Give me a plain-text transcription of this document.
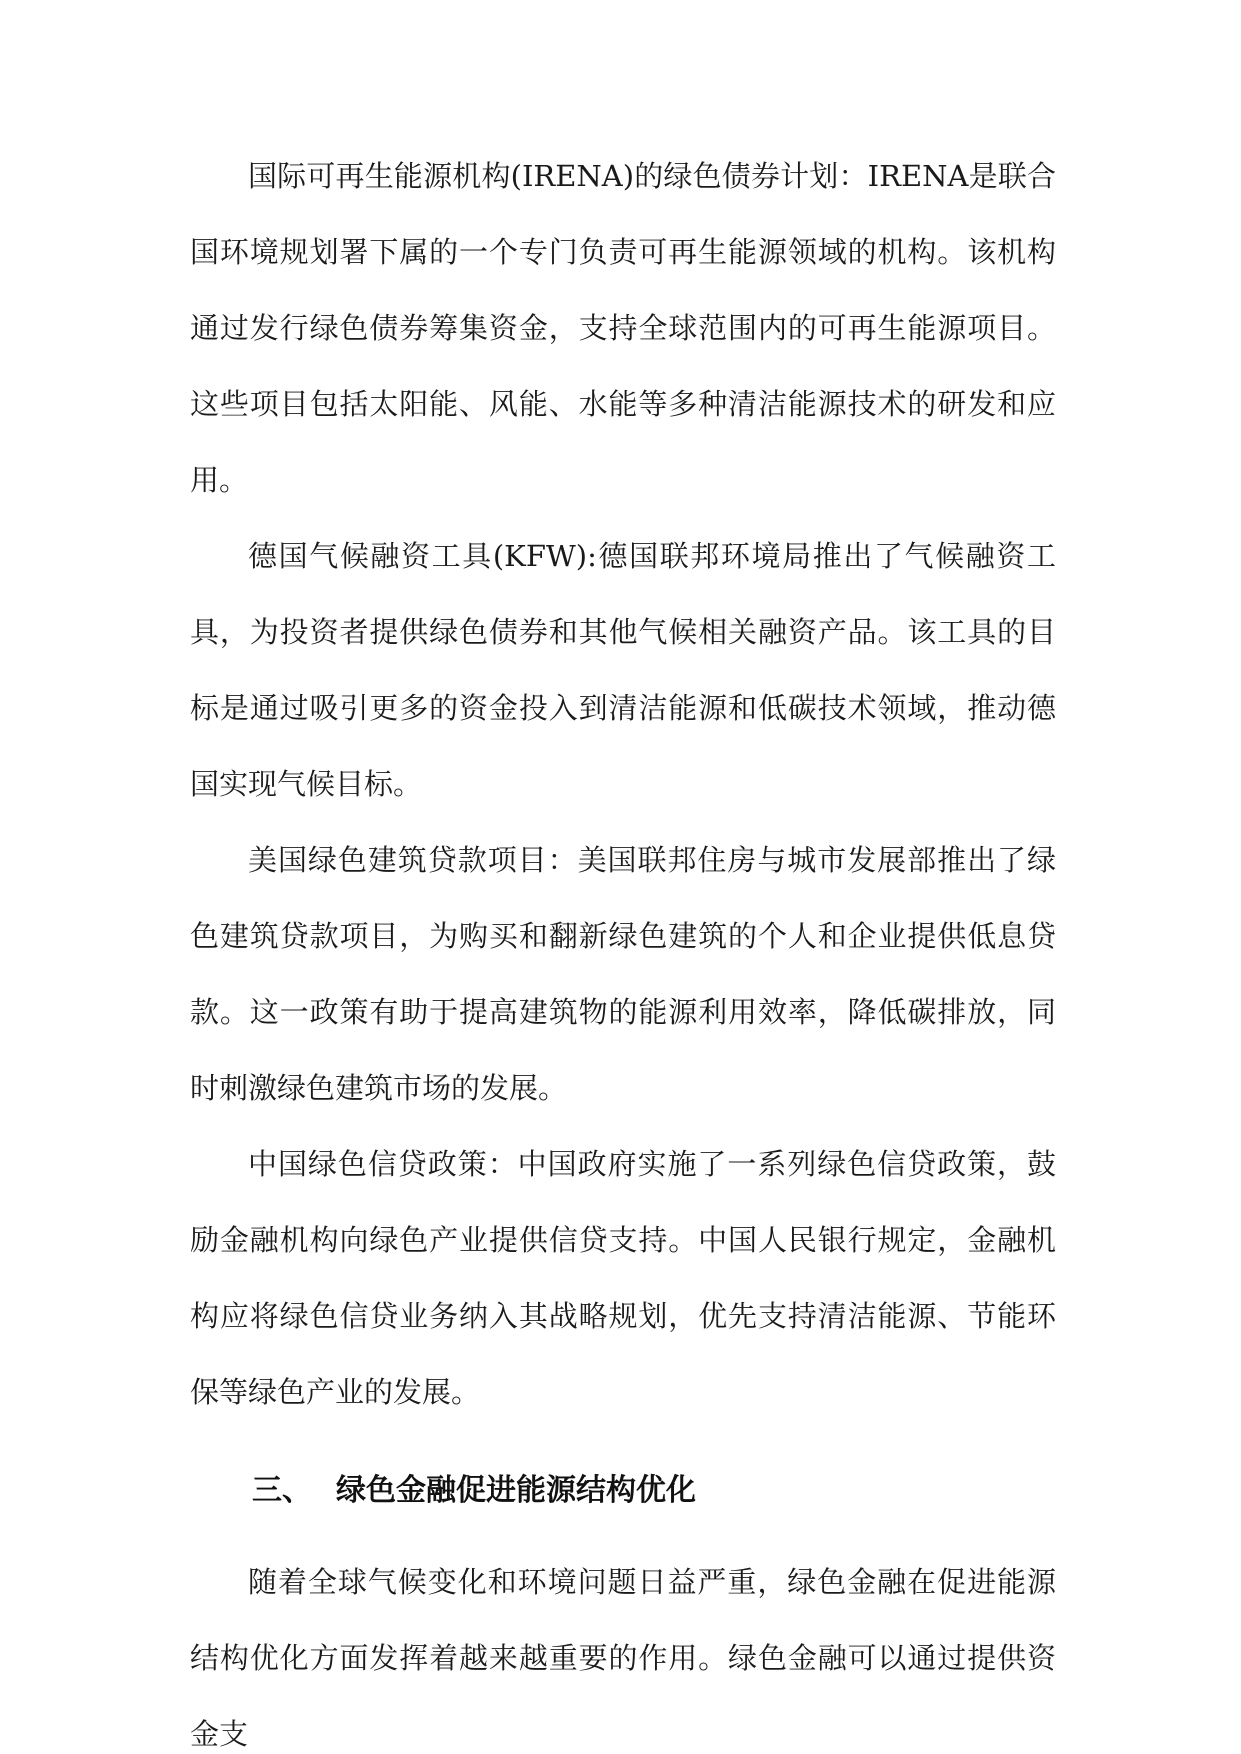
国际可再生能源机构(IRENA)的绿色债券计划：IRENA是联合国环境规划署下属的一个专门负责可再生能源领域的机构。该机构通过发行绿色债券筹集资金，支持全球范围内的可再生能源项目。这些项目包括太阳能、风能、水能等多种清洁能源技术的研发和应用。

德国气候融资工具(KFW):德国联邦环境局推出了气候融资工具，为投资者提供绿色债券和其他气候相关融资产品。该工具的目标是通过吸引更多的资金投入到清洁能源和低碳技术领域，推动德国实现气候目标。

美国绿色建筑贷款项目：美国联邦住房与城市发展部推出了绿色建筑贷款项目，为购买和翻新绿色建筑的个人和企业提供低息贷款。这一政策有助于提高建筑物的能源利用效率，降低碳排放，同时刺激绿色建筑市场的发展。

中国绿色信贷政策：中国政府实施了一系列绿色信贷政策，鼓励金融机构向绿色产业提供信贷支持。中国人民银行规定，金融机构应将绿色信贷业务纳入其战略规划，优先支持清洁能源、节能环保等绿色产业的发展。

三、 绿色金融促进能源结构优化

随着全球气候变化和环境问题日益严重，绿色金融在促进能源结构优化方面发挥着越来越重要的作用。绿色金融可以通过提供资金支
